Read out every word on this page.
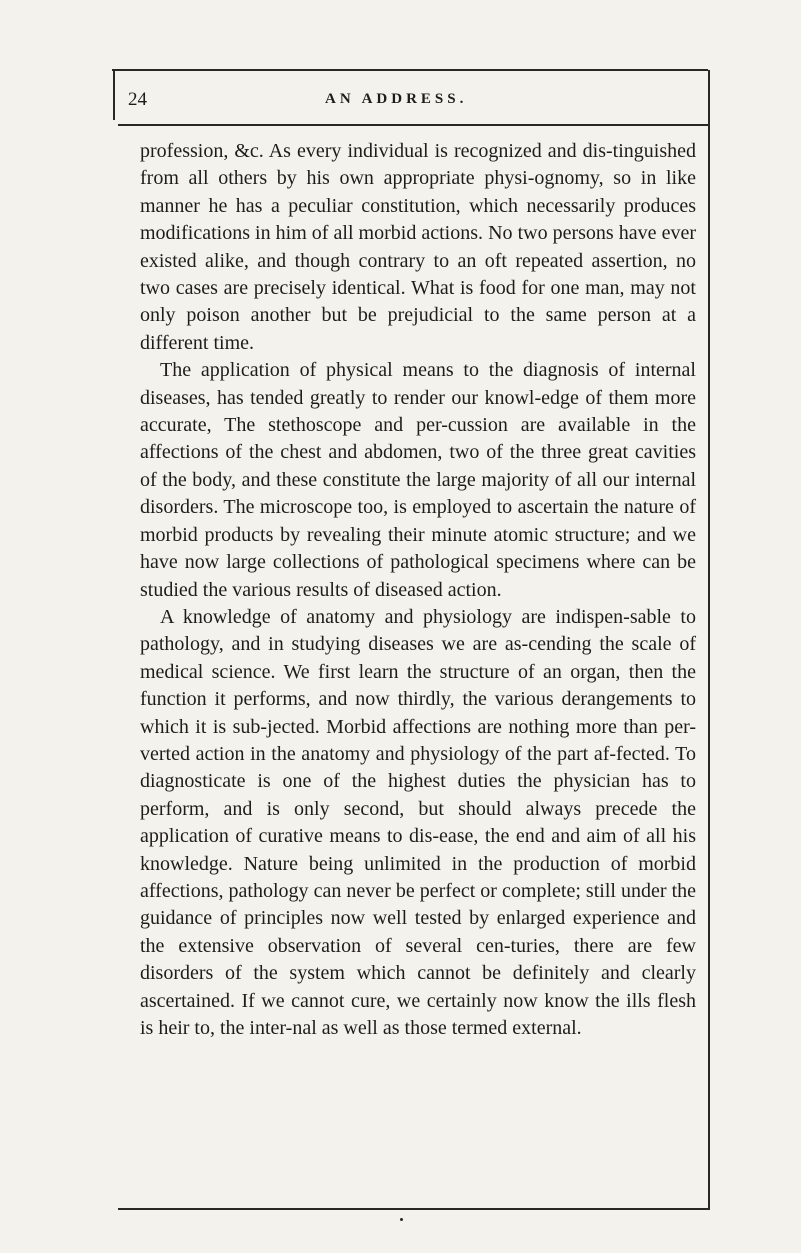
24	AN ADDRESS.

profession, &c. As every individual is recognized and dis-tinguished from all others by his own appropriate physi-ognomy, so in like manner he has a peculiar constitution, which necessarily produces modifications in him of all morbid actions. No two persons have ever existed alike, and though contrary to an oft repeated assertion, no two cases are precisely identical. What is food for one man, may not only poison another but be prejudicial to the same person at a different time.

The application of physical means to the diagnosis of internal diseases, has tended greatly to render our knowl-edge of them more accurate, The stethoscope and per-cussion are available in the affections of the chest and abdomen, two of the three great cavities of the body, and these constitute the large majority of all our internal disorders. The microscope too, is employed to ascertain the nature of morbid products by revealing their minute atomic structure; and we have now large collections of pathological specimens where can be studied the various results of diseased action.

A knowledge of anatomy and physiology are indispen-sable to pathology, and in studying diseases we are as-cending the scale of medical science. We first learn the structure of an organ, then the function it performs, and now thirdly, the various derangements to which it is sub-jected. Morbid affections are nothing more than per-verted action in the anatomy and physiology of the part af-fected. To diagnosticate is one of the highest duties the physician has to perform, and is only second, but should always precede the application of curative means to dis-ease, the end and aim of all his knowledge. Nature being unlimited in the production of morbid affections, pathology can never be perfect or complete; still under the guidance of principles now well tested by enlarged experience and the extensive observation of several cen-turies, there are few disorders of the system which cannot be definitely and clearly ascertained. If we cannot cure, we certainly now know the ills flesh is heir to, the inter-nal as well as those termed external.
